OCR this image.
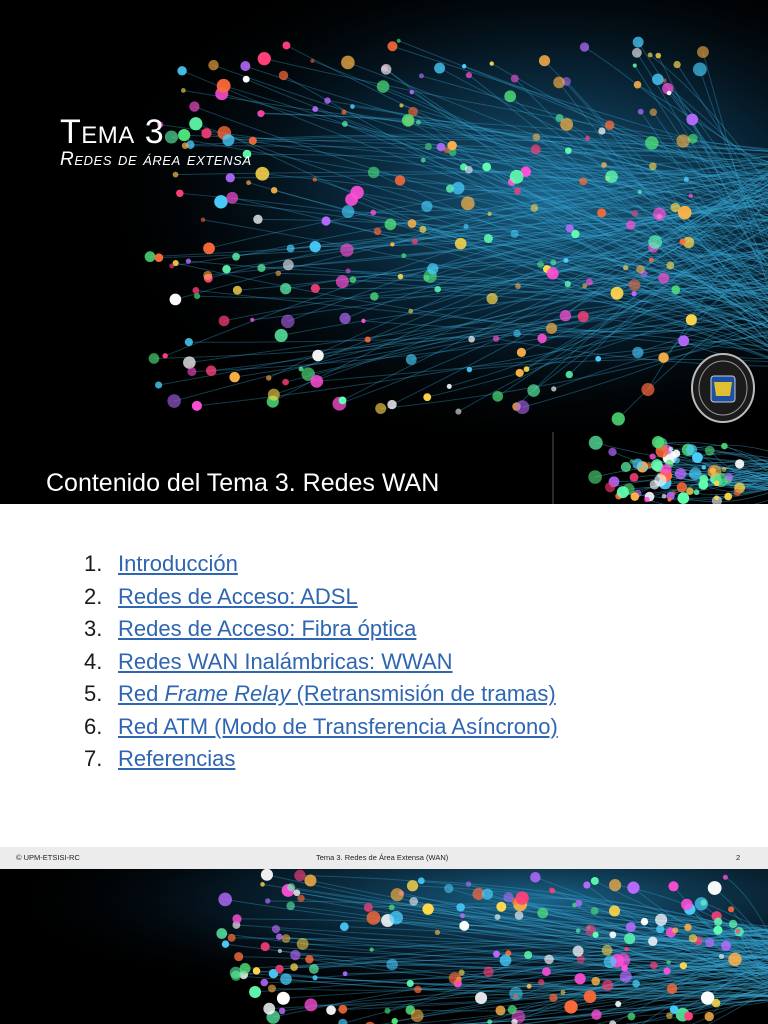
Tema 3
Redes de área extensa
Contenido del Tema 3. Redes WAN
1. Introducción
2. Redes de Acceso: ADSL
3. Redes de Acceso: Fibra óptica
4. Redes WAN Inalámbricas: WWAN
5. Red Frame Relay (Retransmisión de tramas)
6. Red ATM (Modo de Transferencia Asíncrono)
7. Referencias
© UPM-ETSISI-RC	Tema 3. Redes de Área Extensa (WAN)	2
